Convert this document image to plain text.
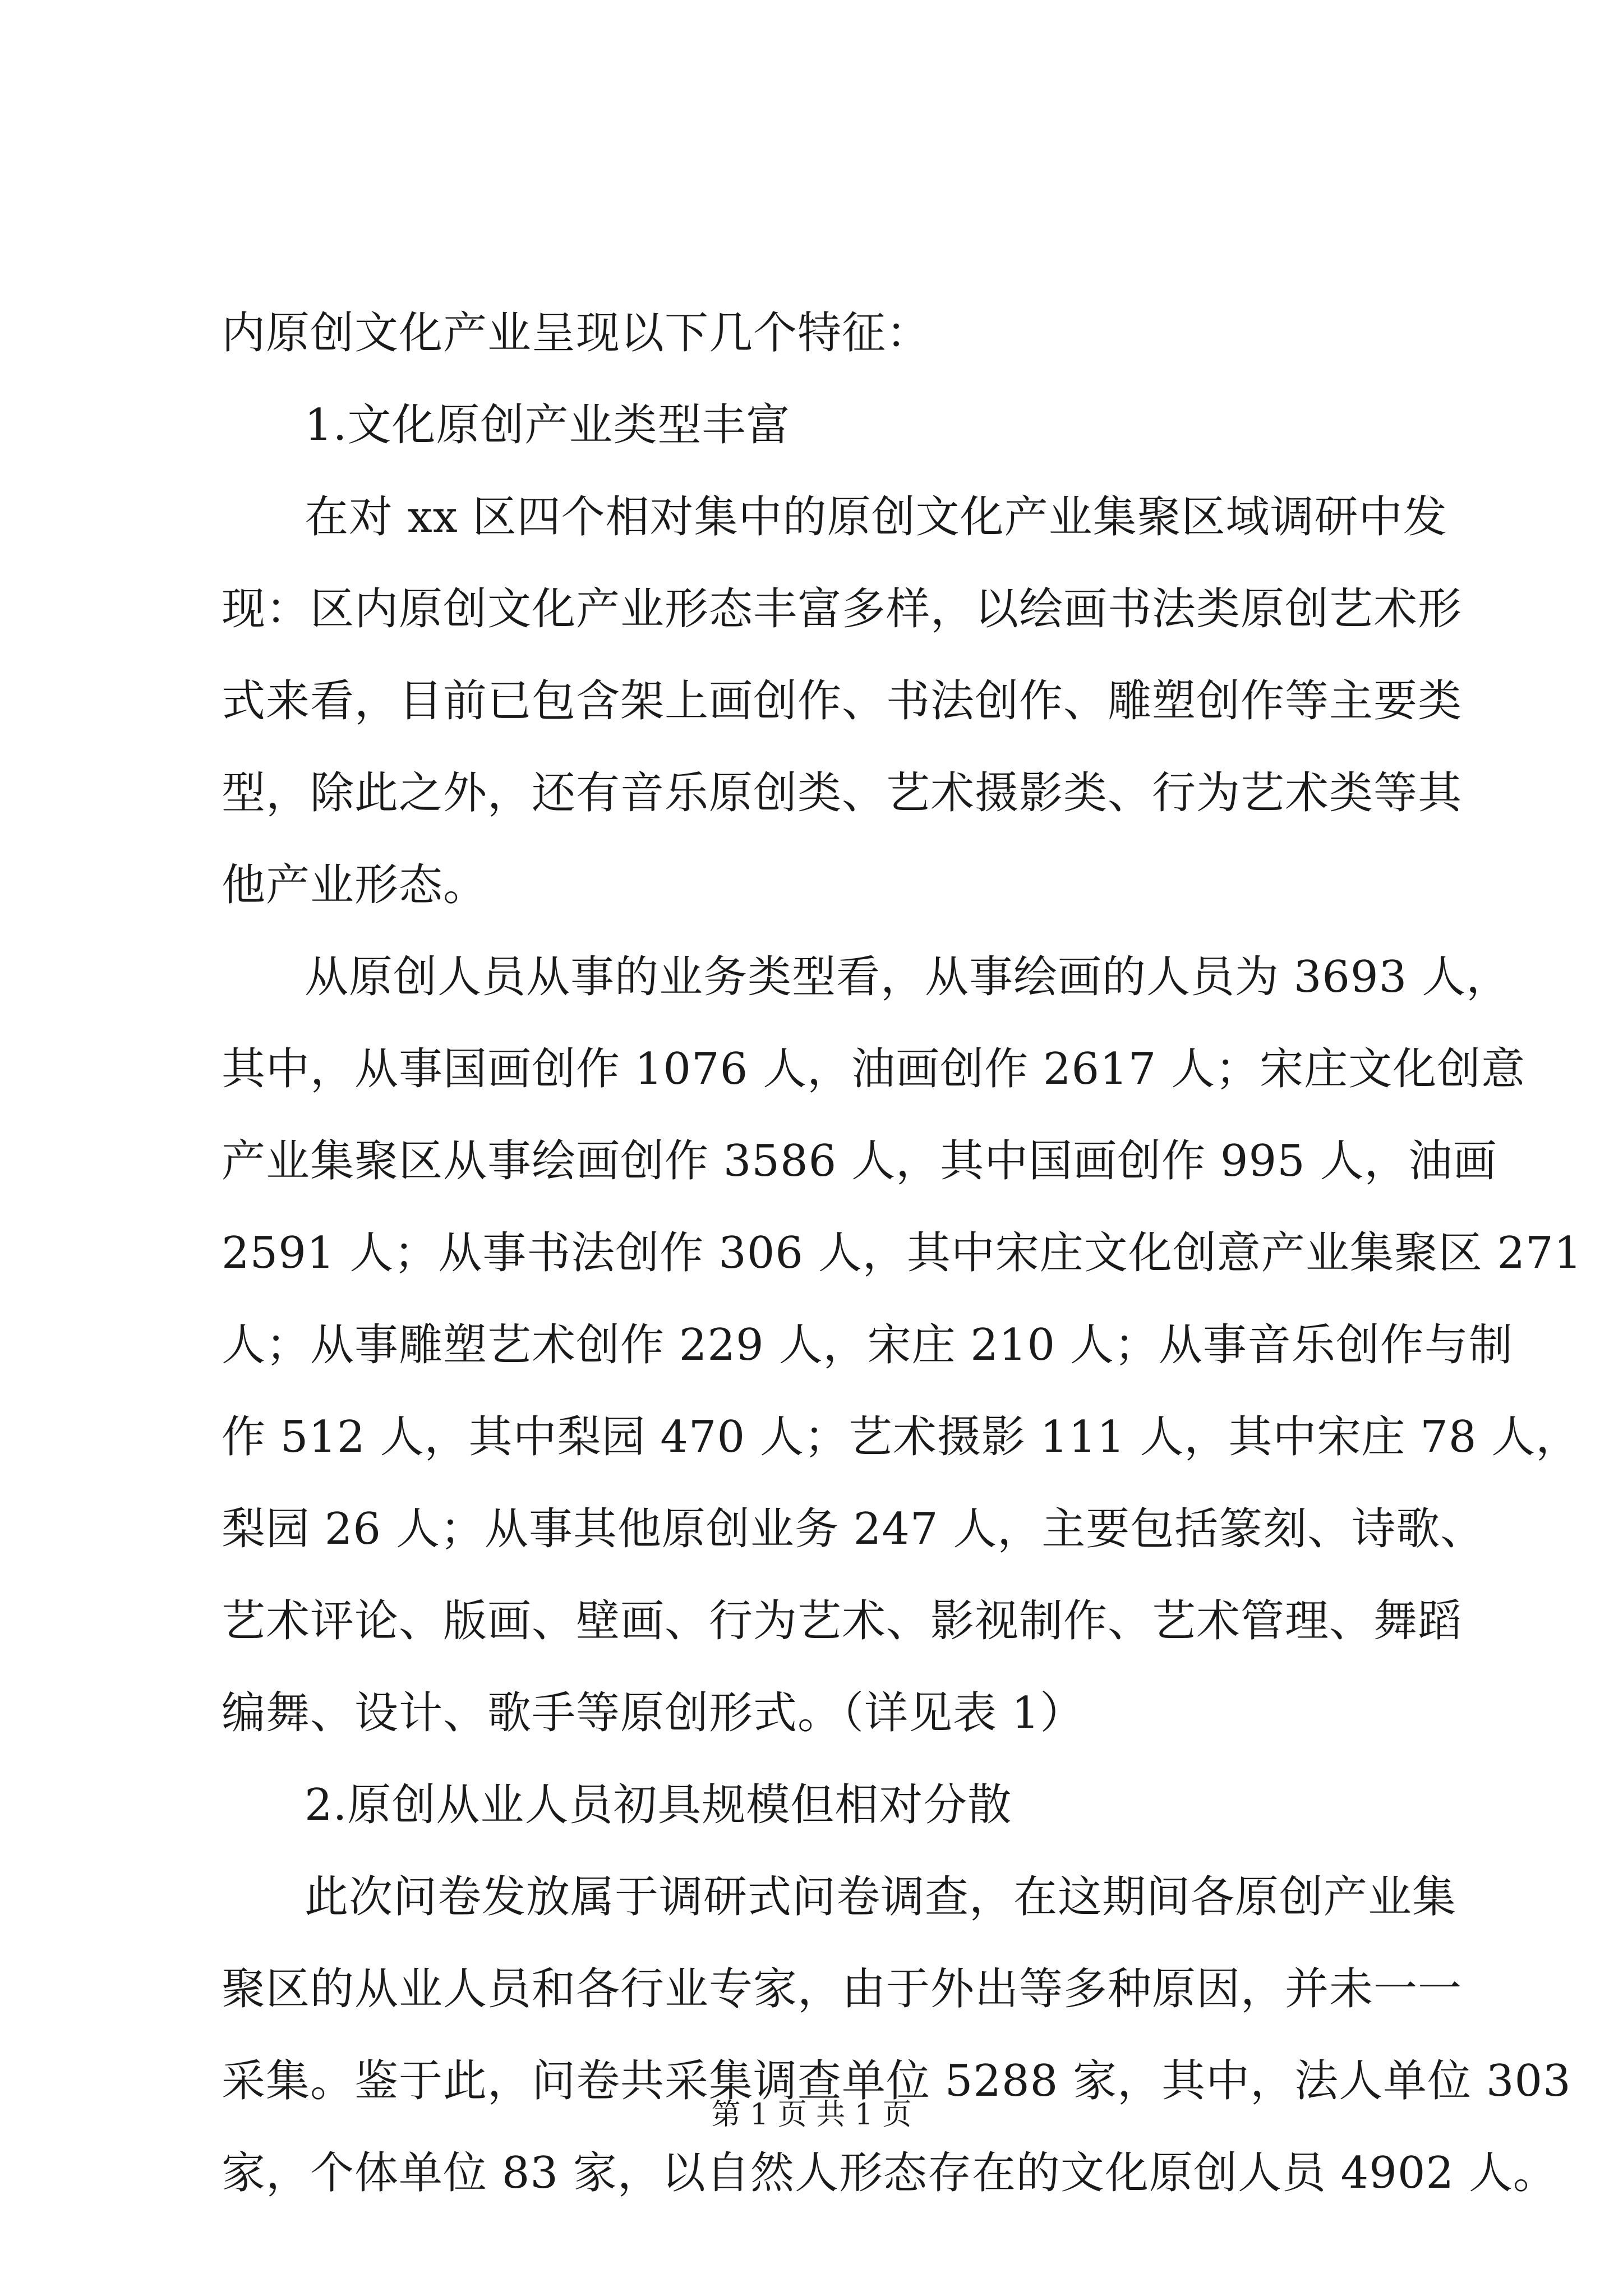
内原创文化产业呈现以下几个特征：
1.文化原创产业类型丰富
在对 xx 区四个相对集中的原创文化产业集聚区域调研中发
现：区内原创文化产业形态丰富多样，以绘画书法类原创艺术形
式来看，目前已包含架上画创作、书法创作、雕塑创作等主要类
型，除此之外，还有音乐原创类、艺术摄影类、行为艺术类等其
他产业形态。
从原创人员从事的业务类型看，从事绘画的人员为 3693 人，
其中，从事国画创作 1076 人，油画创作 2617 人；宋庄文化创意
产业集聚区从事绘画创作 3586 人，其中国画创作 995 人，油画
2591 人；从事书法创作 306 人，其中宋庄文化创意产业集聚区 271
人；从事雕塑艺术创作 229 人，宋庄 210 人；从事音乐创作与制
作 512 人，其中梨园 470 人；艺术摄影 111 人，其中宋庄 78 人，
梨园 26 人；从事其他原创业务 247 人，主要包括篆刻、诗歌、
艺术评论、版画、壁画、行为艺术、影视制作、艺术管理、舞蹈
编舞、设计、歌手等原创形式。（详见表 1）
2.原创从业人员初具规模但相对分散
此次问卷发放属于调研式问卷调查，在这期间各原创产业集
聚区的从业人员和各行业专家，由于外出等多种原因，并未一一
采集。鉴于此，问卷共采集调查单位 5288 家，其中，法人单位 303
家，个体单位 83 家，以自然人形态存在的文化原创人员 4902 人。
第 1 页 共 1 页
